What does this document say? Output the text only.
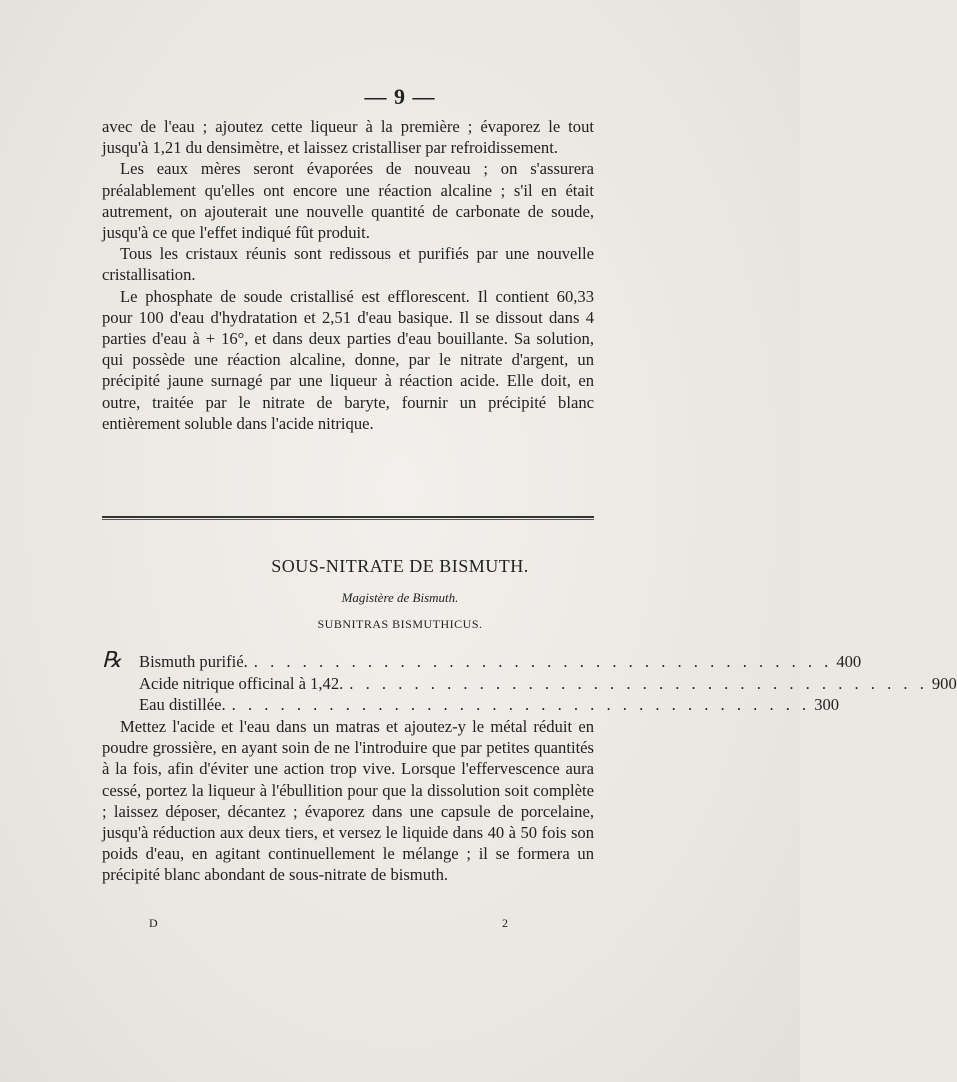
— 9 —

avec de l'eau ; ajoutez cette liqueur à la première ; évaporez le tout jusqu'à 1,21 du densimètre, et laissez cristalliser par refroidissement.

Les eaux mères seront évaporées de nouveau ; on s'assurera préalablement qu'elles ont encore une réaction alcaline ; s'il en était autrement, on ajouterait une nouvelle quantité de carbonate de soude, jusqu'à ce que l'effet indiqué fût produit.

Tous les cristaux réunis sont redissous et purifiés par une nouvelle cristallisation.

Le phosphate de soude cristallisé est efflorescent. Il contient 60,33 pour 100 d'eau d'hydratation et 2,51 d'eau basique. Il se dissout dans 4 parties d'eau à + 16°, et dans deux parties d'eau bouillante. Sa solution, qui possède une réaction alcaline, donne, par le nitrate d'argent, un précipité jaune surnagé par une liqueur à réaction acide. Elle doit, en outre, traitée par le nitrate de baryte, fournir un précipité blanc entièrement soluble dans l'acide nitrique.

SOUS-NITRATE DE BISMUTH.
Magistère de Bismuth.
SUBNITRAS BISMUTHICUS.
℞	Bismuth purifié. . . . . . . . . . . . . . . . . . . . . . . . . . . . . . . . . . . . . 400
Acide nitrique officinal à 1,42. . . . . . . . . . . . . . . . . . . . . . . . . . . . . . . . . . . . . 900
Eau distillée. . . . . . . . . . . . . . . . . . . . . . . . . . . . . . . . . . . . . 300

Mettez l'acide et l'eau dans un matras et ajoutez-y le métal réduit en poudre grossière, en ayant soin de ne l'introduire que par petites quantités à la fois, afin d'éviter une action trop vive. Lorsque l'effervescence aura cessé, portez la liqueur à l'ébullition pour que la dissolution soit complète ; laissez déposer, décantez ; évaporez dans une capsule de porcelaine, jusqu'à réduction aux deux tiers, et versez le liquide dans 40 à 50 fois son poids d'eau, en agitant continuellement le mélange ; il se formera un précipité blanc abondant de sous-nitrate de bismuth.

D	2
